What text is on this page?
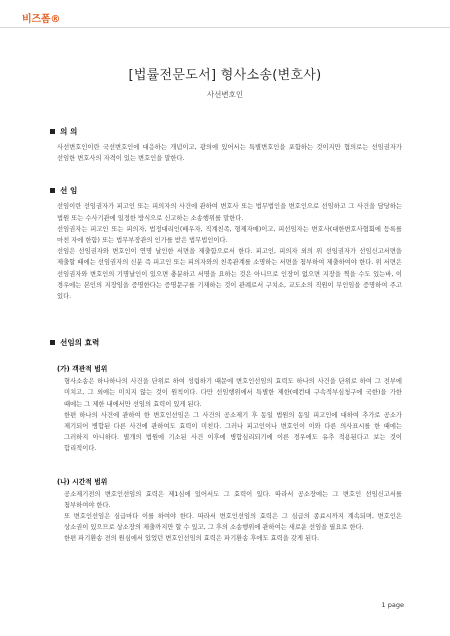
비즈폼®
[법률전문도서] 형사소송(변호사)
사선변호인
의 의

사선변호인이란 국선변호인에 대응하는 개념이고, 광의에 있어서는 특별변호인을 포함하는 것이지만 협의로는 선임권자가 선임한 변호사의 자격이 있는 변호인을 말한다.

선 임

선임이란 선임권자가 피고인 또는 피의자의 사건에 관하여 변호사 또는 법무법인을 변호인으로 선임하고 그 사건을 담당하는 법원 또는 수사기관에 일정한 방식으로 신고하는 소송행위를 말한다.

선임권자는 피고인 또는 피의자, 법정대리인(배우자, 직계친족, 형제자매)이고, 피선임자는 변호사(대한변호사협회에 등록를 마친 자에 한함) 또는 법무부장관의 인가를 받은 법무법인이다.

선임은 선임권자와 변호인이 연명 날인한 서면을 제출함으로서 한다. 피고인, 피의자 외의 위 선임권자가 선임신고서면을 제출할 때에는 선임권자의 신분 즉 피고인 또는 피의자와의 친족관계를 소명하는 서면을 첨부하여 제출하여야 한다. 위 서면은 선임권자와 변호인의 기명날인이 있으면 충분하고 서명을 요하는 것은 아니므로 인장이 없으면 지장을 찍을 수도 있는바, 이 경우에는 본인의 지장임을 증명한다는 증명문구를 기재하는 것이 관례로서 구치소, 교도소의 직원이 무인임을 증명하여 주고 있다.

선임의 효력
(가) 객관적 범위

형사소송은 하나하나의 사건을 단위로 하여 성립하기 때문에 변호인선임의 효력도 하나의 사건을 단위로 하여 그 전부에 미치고, 그 외에는 미치지 않는 것이 원칙이다. 다만 선임행위에서 특별한 제한(예컨대 구속적부심청구에 국한)을 가한 때에는 그 제한 내에서만 선임의 효력이 있게 된다.

한편 하나의 사건에 관하여 한 변호인선임은 그 사건의 공소제기 후 동일 법원의 동일 피고인에 대하여 추가로 공소가 제기되어 병합된 다른 사건에 관하여도 효력이 미친다. 그러나 피고인이나 변호인이 이와 다른 의사표시를 한 때에는 그러하지 아니하다. 별개의 법원에 기소된 사건 이후에 병합심리되기에 이른 경우에도 유추 적용된다고 보는 것이 합리적이다.

(나) 시간적 범위

공소제기전의 변호인선임의 효력은 제1심에 있어서도 그 효력이 있다. 따라서 공소장에는 그 변호인 선임신고서를 첨부하여야 한다.

또 변호인선임은 심급마다 이를 하여야 한다. 따라서 변호인선임의 효력은 그 심급의 종료시까지 계속되며, 변호인은 상소권이 있으므로 상소장의 제출까지만 할 수 있고, 그 후의 소송행위에 관하여는 새로운 선임을 필요로 한다.

한편 파기환송 전의 원심에서 있었던 변호인선임의 효력은 파기환송 후에도 효력을 갖게 된다.

1 page
